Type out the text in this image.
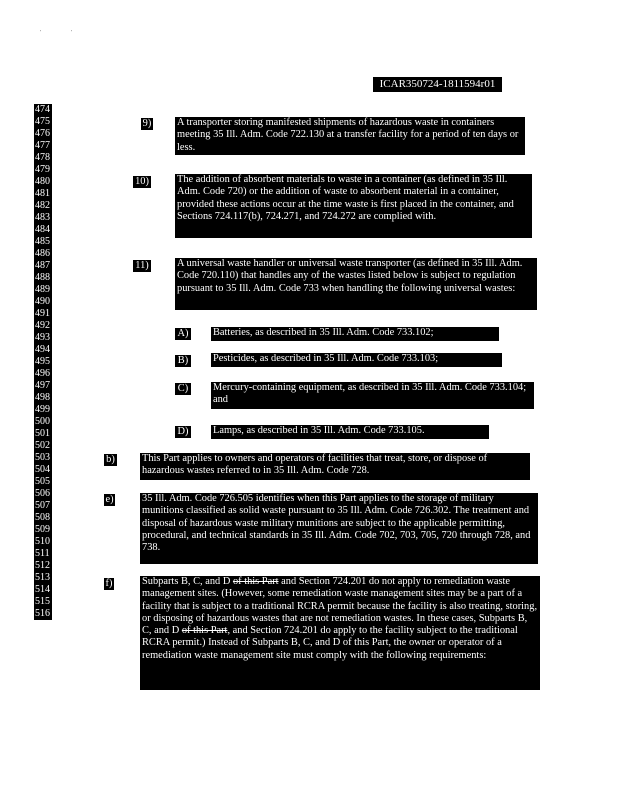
''
ICAR350724-1811594r01
474
475
476
477
478
479
480
481
482
483
484
485
486
487
488
489
490
491
492
493
494
495
496
497
498
499
500
501
502
503
504
505
506
507
508
509
510
511
512
513
514
515
516
9) A transporter storing manifested shipments of hazardous waste in containers meeting 35 Ill. Adm. Code 722.130 at a transfer facility for a period of ten days or less.
10)	The addition of absorbent materials to waste in a container (as defined in 35 Ill. Adm. Code 720) or the addition of waste to absorbent material in a container, provided these actions occur at the time waste is first placed in the container, and Sections 724.117(b), 724.271, and 724.272 are complied with.
11)	A universal waste handler or universal waste transporter (as defined in 35 Ill. Adm. Code 720.110) that handles any of the wastes listed below is subject to regulation pursuant to 35 Ill. Adm. Code 733 when handling the following universal wastes:
A) Batteries, as described in 35 Ill. Adm. Code 733.102;
B) Pesticides, as described in 35 Ill. Adm. Code 733.103;
C) Mercury-containing equipment, as described in 35 Ill. Adm. Code 733.104; and
D) Lamps, as described in 35 Ill. Adm. Code 733.105.
b)	This Part applies to owners and operators of facilities that treat, store, or dispose of hazardous wastes referred to in 35 Ill. Adm. Code 728.
e)	35 Ill. Adm. Code 726.505 identifies when this Part applies to the storage of military munitions classified as solid waste pursuant to 35 Ill. Adm. Code 726.302. The treatment and disposal of hazardous waste military munitions are subject to the applicable permitting, procedural, and technical standards in 35 Ill. Adm. Code 702, 703, 705, 720 through 728, and 738.
f)	Subparts B, C, and D of this Part and Section 724.201 do not apply to remediation waste management sites. (However, some remediation waste management sites may be a part of a facility that is subject to a traditional RCRA permit because the facility is also treating, storing, or disposing of hazardous wastes that are not remediation wastes. In these cases, Subparts B, C, and D of this Part, and Section 724.201 do apply to the facility subject to the traditional RCRA permit.) Instead of Subparts B, C, and D of this Part, the owner or operator of a remediation waste management site must comply with the following requirements:
